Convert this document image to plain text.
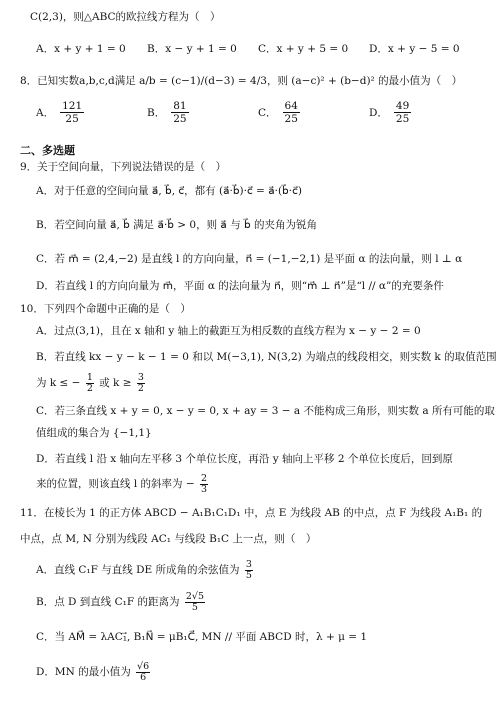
C(2,3)，则△ABC的欧拉线方程为（　）
A．x + y + 1 = 0	B．x − y + 1 = 0	C．x + y + 5 = 0	D．x + y − 5 = 0
8．已知实数a,b,c,d满足 a/b = (c−1)/(d−3) = 4/3，则 (a−c)² + (b−d)² 的最小值为（　）
A． $\frac{121}{25}$	B． $\frac{81}{25}$	C． $\frac{64}{25}$	D． $\frac{49}{25}$
二、多选题
9．关于空间向量，下列说法错误的是（　）
A．对于任意的空间向量 a⃗, b⃗, c⃗，都有 (a⃗·b⃗)·c⃗ = a⃗·(b⃗·c⃗)
B．若空间向量 a⃗, b⃗ 满足 a⃗·b⃗ > 0，则 a⃗ 与 b⃗ 的夹角为锐角
C．若 m⃗ = (2,4,−2) 是直线 l 的方向向量，n⃗ = (−1,−2,1) 是平面 α 的法向量，则 l ⊥ α
D．若直线 l 的方向向量为 m⃗，平面 α 的法向量为 n⃗，则“m⃗ ⊥ n⃗”是“l // α”的充要条件
10．下列四个命题中正确的是（　）
A．过点(3,1)，且在 x 轴和 y 轴上的截距互为相反数的直线方程为 x − y − 2 = 0
B．若直线 kx − y − k − 1 = 0 和以 M(−3,1), N(3,2) 为端点的线段相交，则实数 k 的取值范围
为 k ≤ − $\frac{1}{2}$ 或 $k \ge \frac{3}{2}$
C．若三条直线 x + y = 0, x − y = 0, x + ay = 3 − a 不能构成三角形，则实数 a 所有可能的取
值组成的集合为 {−1,1}
D．若直线 l 沿 x 轴向左平移 3 个单位长度，再沿 y 轴向上平移 2 个单位长度后，回到原
来的位置，则该直线 l 的斜率为 − $\frac{2}{3}$
11．在棱长为 1 的正方体 ABCD − A₁B₁C₁D₁ 中，点 E 为线段 AB 的中点，点 F 为线段 A₁B₁ 的
中点，点 M, N 分别为线段 AC₁ 与线段 B₁C 上一点，则（　）
A．直线 C₁F 与直线 DE 所成角的余弦值为 $\frac{3}{5}$
B．点 D 到直线 C₁F 的距离为 $\frac{2√5}{5}$
C．当 AM⃗ = λAC₁⃗, B₁N⃗ = μB₁C⃗, MN // 平面 ABCD 时，λ + μ = 1
D．MN 的最小值为 $\frac{√6}{6}$
